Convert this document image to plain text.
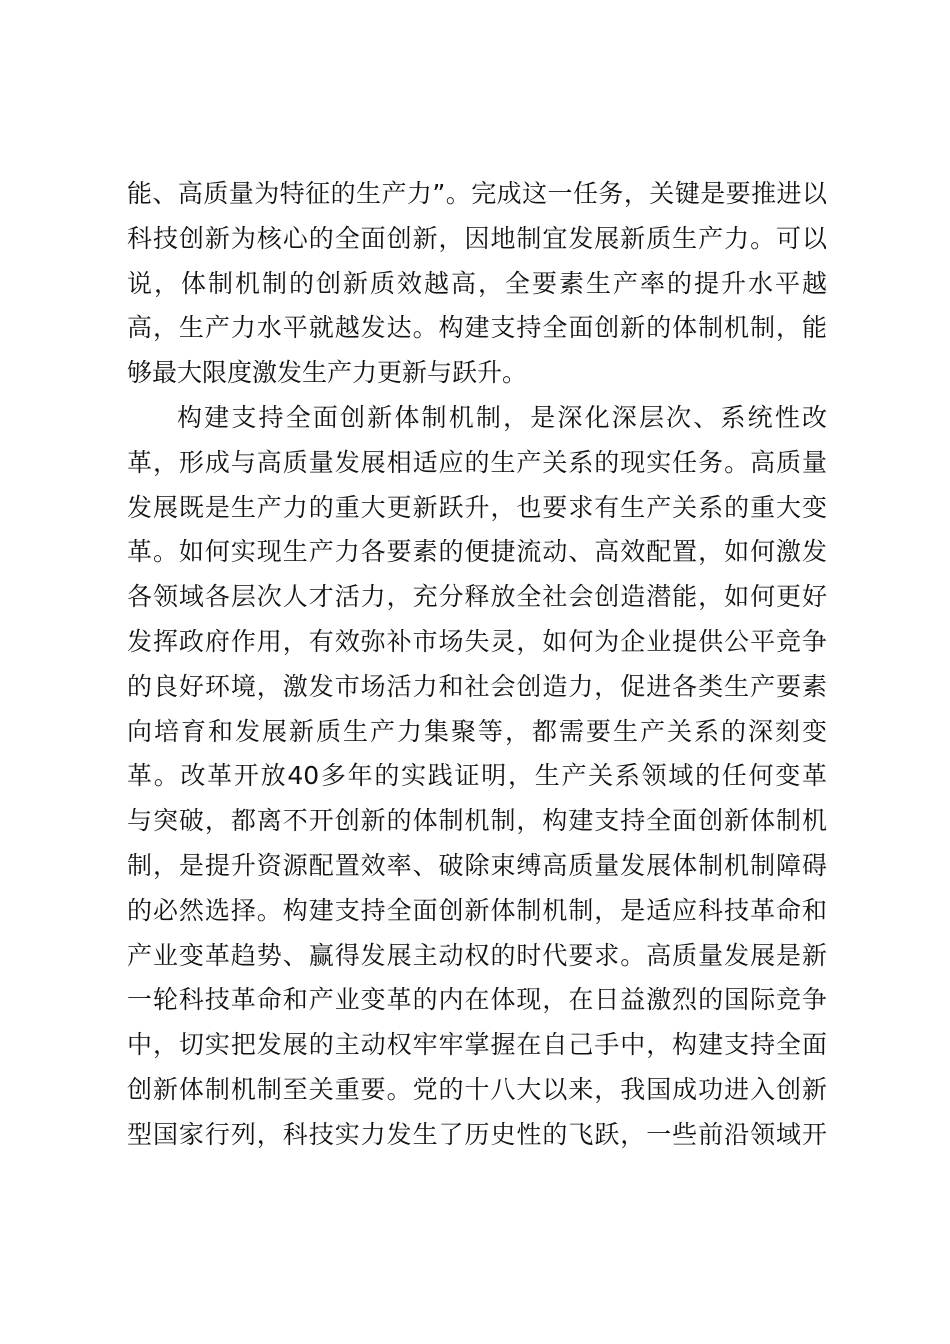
能、高质量为特征的生产力”。完成这一任务，关键是要推进以
科技创新为核心的全面创新，因地制宜发展新质生产力。可以
说，体制机制的创新质效越高，全要素生产率的提升水平越
高，生产力水平就越发达。构建支持全面创新的体制机制，能
够最大限度激发生产力更新与跃升。
构建支持全面创新体制机制，是深化深层次、系统性改
革，形成与高质量发展相适应的生产关系的现实任务。高质量
发展既是生产力的重大更新跃升，也要求有生产关系的重大变
革。如何实现生产力各要素的便捷流动、高效配置，如何激发
各领域各层次人才活力，充分释放全社会创造潜能，如何更好
发挥政府作用，有效弥补市场失灵，如何为企业提供公平竞争
的良好环境，激发市场活力和社会创造力，促进各类生产要素
向培育和发展新质生产力集聚等，都需要生产关系的深刻变
革。改革开放40多年的实践证明，生产关系领域的任何变革
与突破，都离不开创新的体制机制，构建支持全面创新体制机
制，是提升资源配置效率、破除束缚高质量发展体制机制障碍
的必然选择。构建支持全面创新体制机制，是适应科技革命和
产业变革趋势、赢得发展主动权的时代要求。高质量发展是新
一轮科技革命和产业变革的内在体现，在日益激烈的国际竞争
中，切实把发展的主动权牢牢掌握在自己手中，构建支持全面
创新体制机制至关重要。党的十八大以来，我国成功进入创新
型国家行列，科技实力发生了历史性的飞跃，一些前沿领域开
